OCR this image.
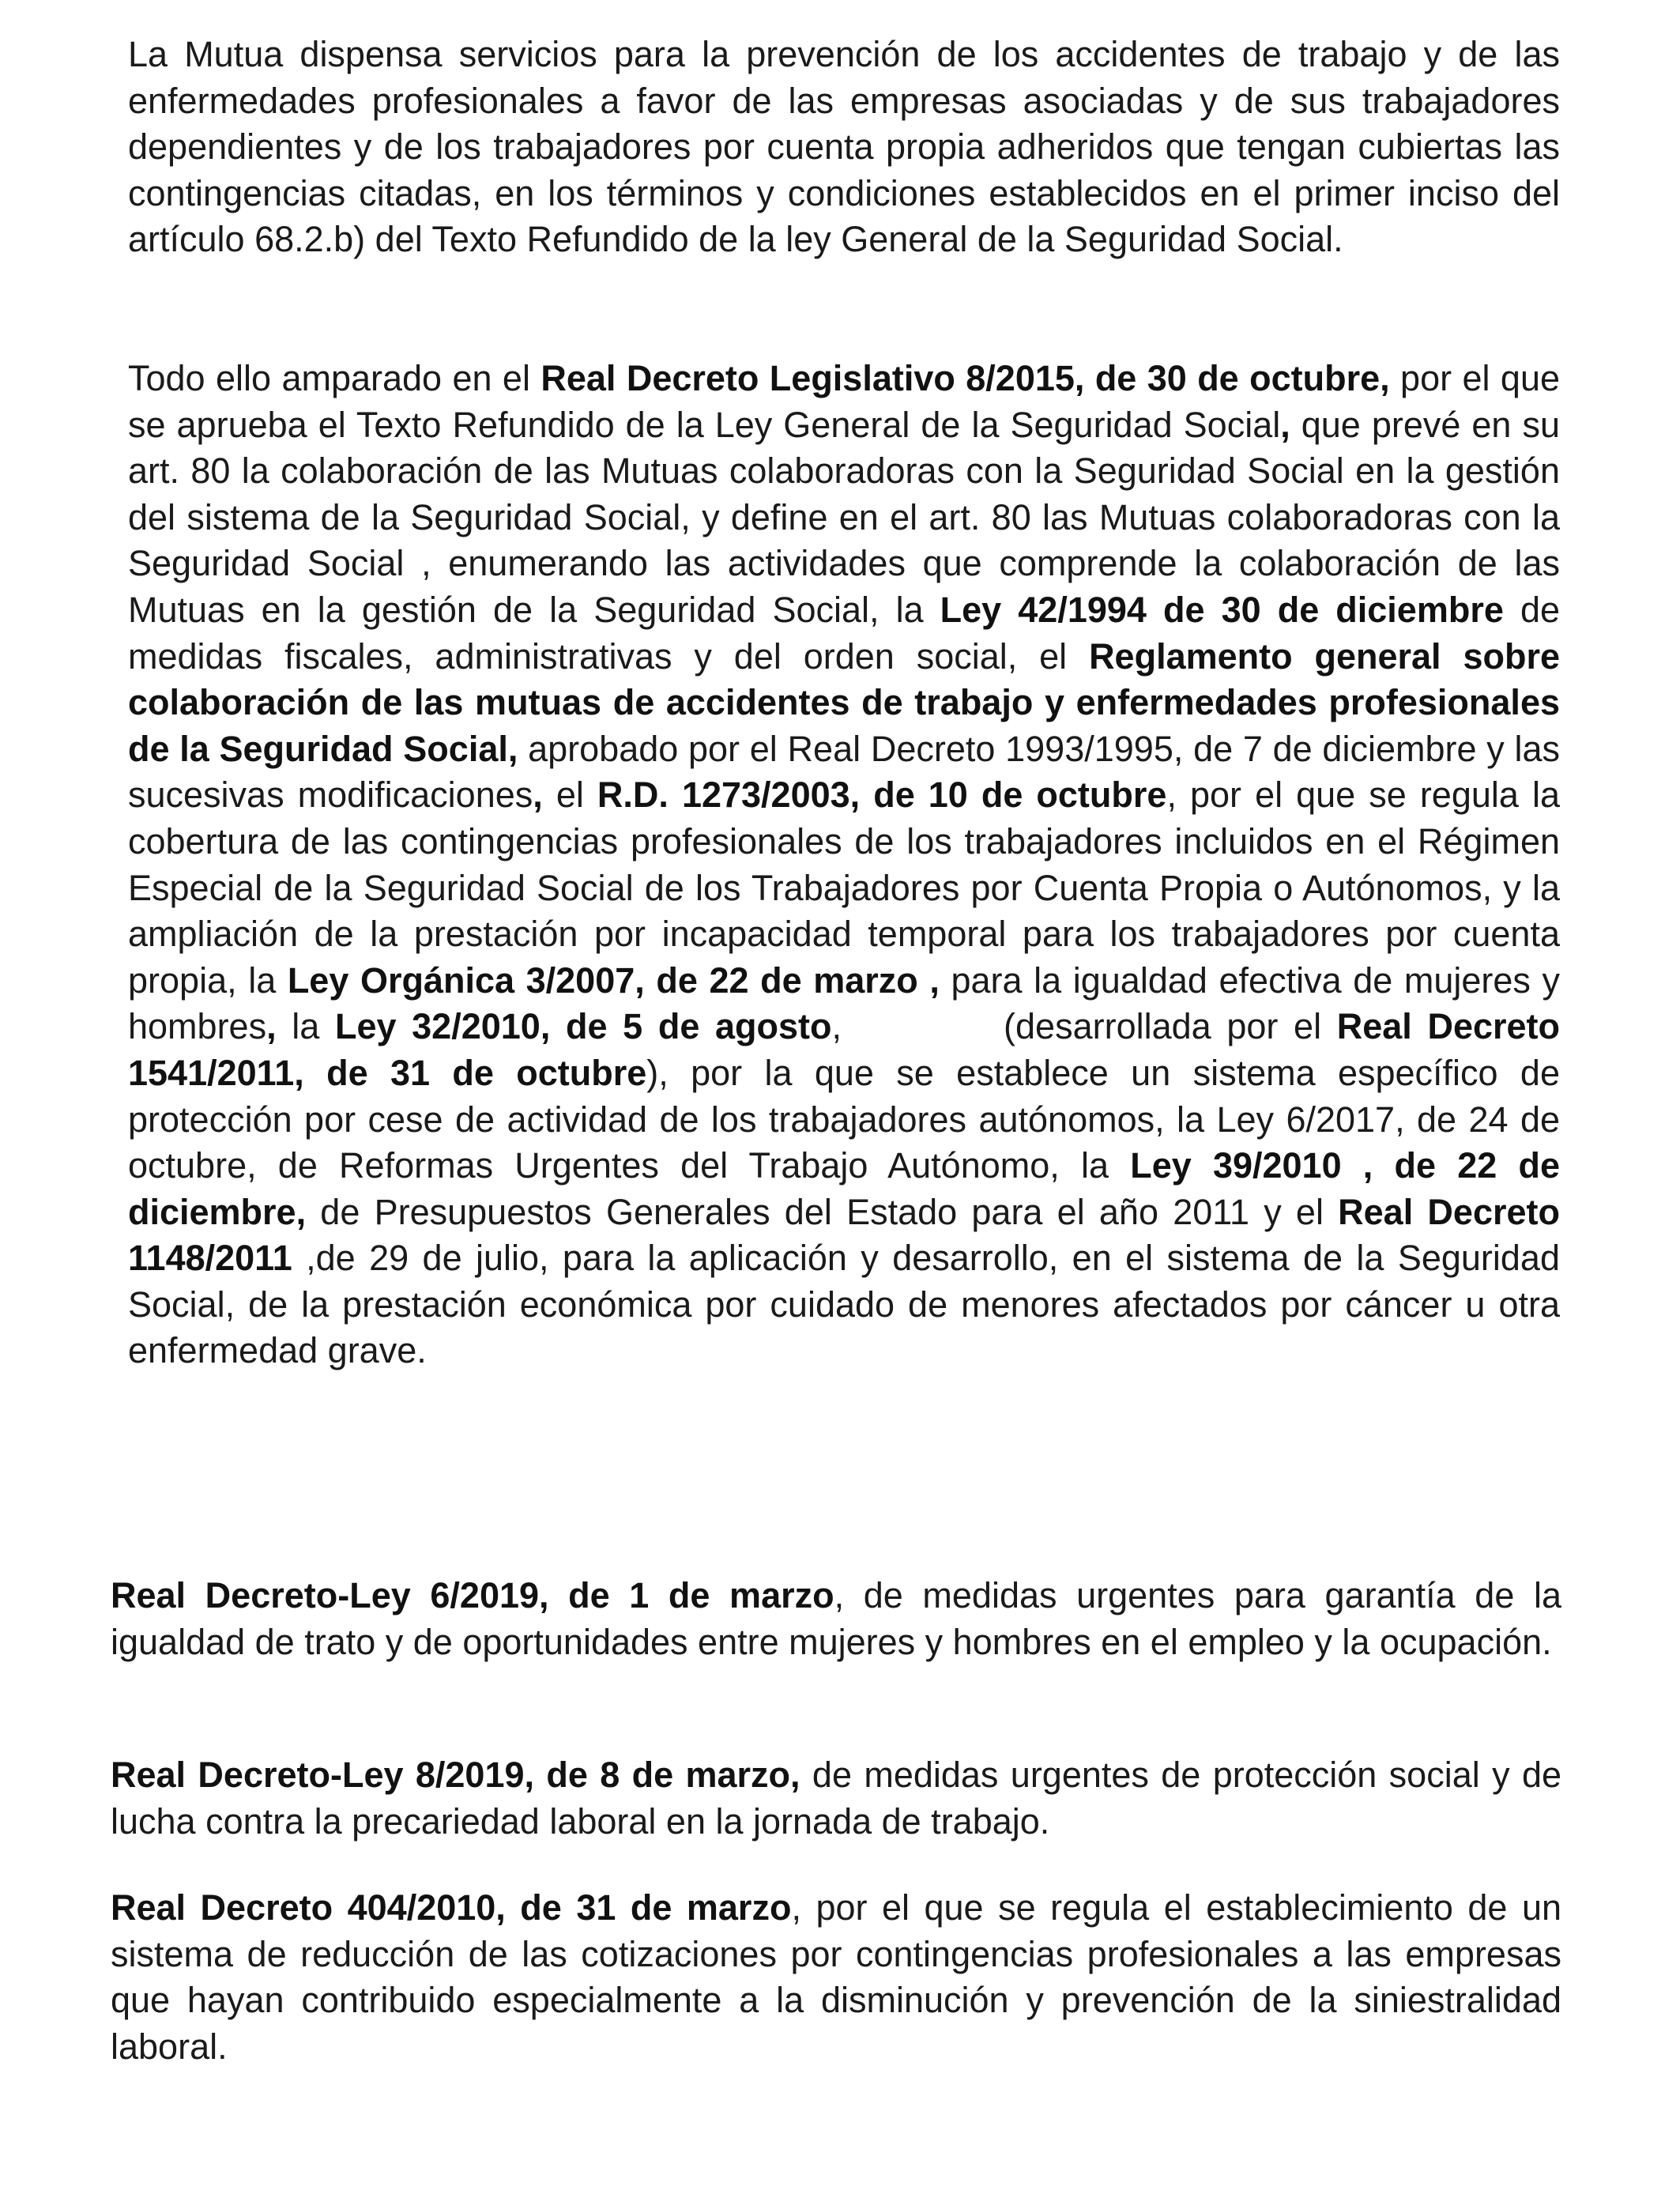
La Mutua dispensa servicios para la prevención de los accidentes de trabajo y de las enfermedades profesionales a favor de las empresas asociadas y de sus trabajadores dependientes y de los trabajadores por cuenta propia adheridos que tengan cubiertas las contingencias citadas, en los términos y condiciones establecidos en el primer inciso del artículo 68.2.b) del Texto Refundido de la ley General de la Seguridad Social.

Todo ello amparado en el Real Decreto Legislativo 8/2015, de 30 de octubre, por el que se aprueba el Texto Refundido de la Ley General de la Seguridad Social, que prevé en su art. 80 la colaboración de las Mutuas colaboradoras con la Seguridad Social en la gestión del sistema de la Seguridad Social, y define en el art. 80 las Mutuas colaboradoras con la Seguridad Social , enumerando las actividades que comprende la colaboración de las Mutuas en la gestión de la Seguridad Social, la Ley 42/1994 de 30 de diciembre de medidas fiscales, administrativas y del orden social, el Reglamento general sobre colaboración de las mutuas de accidentes de trabajo y enfermedades profesionales de la Seguridad Social, aprobado por el Real Decreto 1993/1995, de 7 de diciembre y las sucesivas modificaciones, el R.D. 1273/2003, de 10 de octubre, por el que se regula la cobertura de las contingencias profesionales de los trabajadores incluidos en el Régimen Especial de la Seguridad Social de los Trabajadores por Cuenta Propia o Autónomos, y la ampliación de la prestación por incapacidad temporal para los trabajadores por cuenta propia, la Ley Orgánica 3/2007, de 22 de marzo , para la igualdad efectiva de mujeres y hombres, la Ley 32/2010, de 5 de agosto,	(desarrollada por el Real Decreto 1541/2011, de 31 de octubre), por la que se establece un sistema específico de protección por cese de actividad de los trabajadores autónomos, la Ley 6/2017, de 24 de octubre, de Reformas Urgentes del Trabajo Autónomo, la Ley 39/2010 , de 22 de diciembre, de Presupuestos Generales del Estado para el año 2011 y el Real Decreto 1148/2011 ,de 29 de julio, para la aplicación y desarrollo, en el sistema de la Seguridad Social, de la prestación económica por cuidado de menores afectados por cáncer u otra enfermedad grave.

Real Decreto-Ley 6/2019, de 1 de marzo, de medidas urgentes para garantía de la igualdad de trato y de oportunidades entre mujeres y hombres en el empleo y la ocupación.

Real Decreto-Ley 8/2019, de 8 de marzo, de medidas urgentes de protección social y de lucha contra la precariedad laboral en la jornada de trabajo.

Real Decreto 404/2010, de 31 de marzo, por el que se regula el establecimiento de un sistema de reducción de las cotizaciones por contingencias profesionales a las empresas que hayan contribuido especialmente a la disminución y prevención de la siniestralidad laboral.
